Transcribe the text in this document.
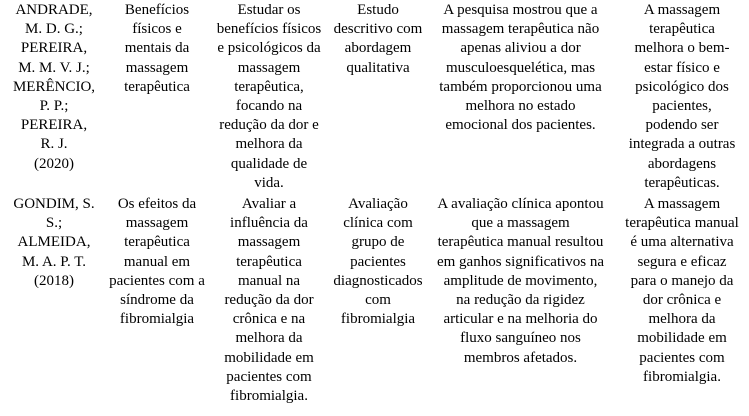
ANDRADE,
M. D. G.;
PEREIRA,
M. M. V. J.;
MERÊNCIO,
P. P.;
PEREIRA,
R. J.
(2020)
Benefícios
físicos e
mentais da
massagem
terapêutica
Estudar os
benefícios físicos
e psicológicos da
massagem
terapêutica,
focando na
redução da dor e
melhora da
qualidade de
vida.
Estudo
descritivo com
abordagem
qualitativa
A pesquisa mostrou que a
massagem terapêutica não
apenas aliviou a dor
musculoesquelética, mas
também proporcionou uma
melhora no estado
emocional dos pacientes.
A massagem
terapêutica
melhora o bem-
estar físico e
psicológico dos
pacientes,
podendo ser
integrada a outras
abordagens
terapêuticas.
GONDIM, S.
S.;
ALMEIDA,
M. A. P. T.
(2018)
Os efeitos da
massagem
terapêutica
manual em
pacientes com a
síndrome da
fibromialgia
Avaliar a
influência da
massagem
terapêutica
manual na
redução da dor
crônica e na
melhora da
mobilidade em
pacientes com
fibromialgia.
Avaliação
clínica com
grupo de
pacientes
diagnosticados
com
fibromialgia
A avaliação clínica apontou
que a massagem
terapêutica manual resultou
em ganhos significativos na
amplitude de movimento,
na redução da rigidez
articular e na melhoria do
fluxo sanguíneo nos
membros afetados.
A massagem
terapêutica manual
é uma alternativa
segura e eficaz
para o manejo da
dor crônica e
melhora da
mobilidade em
pacientes com
fibromialgia.
